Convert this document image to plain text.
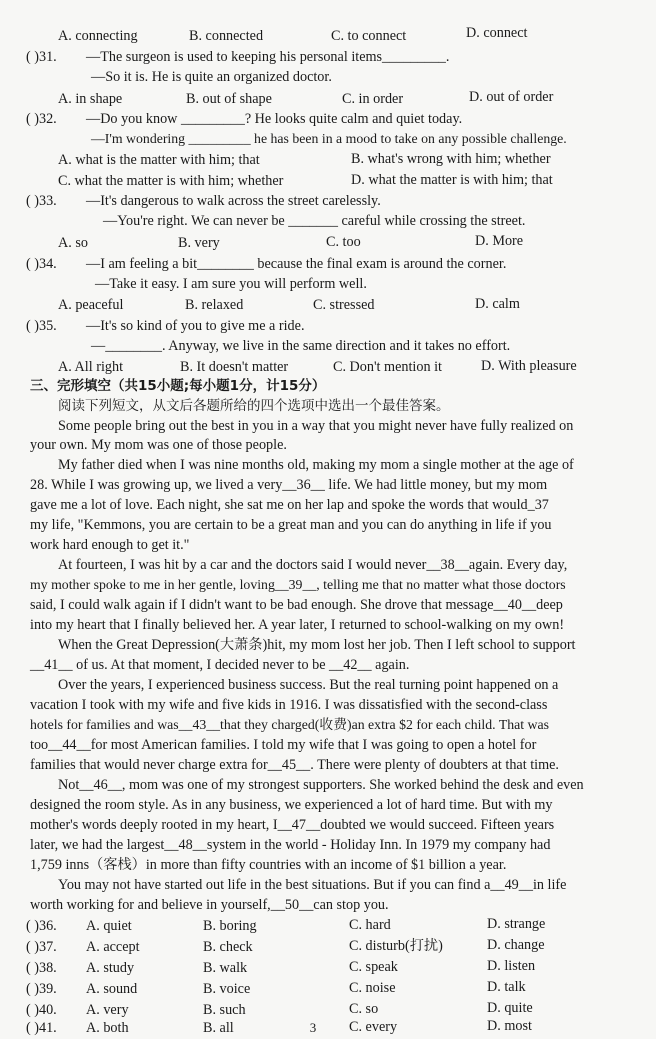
A. connecting	B. connected	C. to connect	D. connect
( )31. —The surgeon is used to keeping his personal items_________.
—So it is. He is quite an organized doctor.
A. in shape	B. out of shape	C. in order	D. out of order
( )32. —Do you know _________? He looks quite calm and quiet today.
—I'm wondering _________ he has been in a mood to take on any possible challenge.
A. what is the matter with him; that	B. what's wrong with him; whether
C. what the matter is with him; whether	D. what the matter is with him; that
( )33. —It's dangerous to walk across the street carelessly.
—You're right. We can never be _______ careful while crossing the street.
A. so	B. very	C. too	D. More
( )34. —I am feeling a bit________ because the final exam is around the corner.
—Take it easy. I am sure you will perform well.
A. peaceful	B. relaxed	C. stressed	D. calm
( )35. —It's so kind of you to give me a ride.
—________. Anyway, we live in the same direction and it takes no effort.
A. All right	B. It doesn't matter	C. Don't mention it	D. With pleasure
三、完形填空（共15小题;每小题1分，计15分）
阅读下列短文，从文后各题所给的四个选项中选出一个最佳答案。
Some people bring out the best in you in a way that you might never have fully realized on
your own. My mom was one of those people.
My father died when I was nine months old, making my mom a single mother at the age of
28. While I was growing up, we lived a very__36__ life. We had little money, but my mom
gave me a lot of love. Each night, she sat me on her lap and spoke the words that would_37
my life, "Kemmons, you are certain to be a great man and you can do anything in life if you
work hard enough to get it."
At fourteen, I was hit by a car and the doctors said I would never__38__again. Every day,
my mother spoke to me in her gentle, loving__39__, telling me that no matter what those doctors
said, I could walk again if I didn't want to be bad enough. She drove that message__40__deep
into my heart that I finally believed her. A year later, I returned to school-walking on my own!
When the Great Depression(大萧条)hit, my mom lost her job. Then I left school to support
__41__ of us. At that moment, I decided never to be __42__ again.
Over the years, I experienced business success. But the real turning point happened on a
vacation I took with my wife and five kids in 1916. I was dissatisfied with the second-class
hotels for families and was__43__that they charged(收费)an extra $2 for each child. That was
too__44__for most American families. I told my wife that I was going to open a hotel for
families that would never charge extra for__45__. There were plenty of doubters at that time.
Not__46__, mom was one of my strongest supporters. She worked behind the desk and even
designed the room style. As in any business, we experienced a lot of hard time. But with my
mother's words deeply rooted in my heart, I__47__doubted we would succeed. Fifteen years
later, we had the largest__48__system in the world - Holiday Inn. In 1979 my company had
1,759 inns（客栈）in more than fifty countries with an income of $1 billion a year.
You may not have started out life in the best situations. But if you can find a__49__in life
worth working for and believe in yourself,__50__can stop you.
( )36. A. quiet	B. boring	C. hard	D. strange
( )37. A. accept	B. check	C. disturb(打扰)	D. change
( )38. A. study	B. walk	C. speak	D. listen
( )39. A. sound	B. voice	C. noise	D. talk
( )40. A. very	B. such	C. so	D. quite
( )41. A. both	B. all	C. every	D. most
3
